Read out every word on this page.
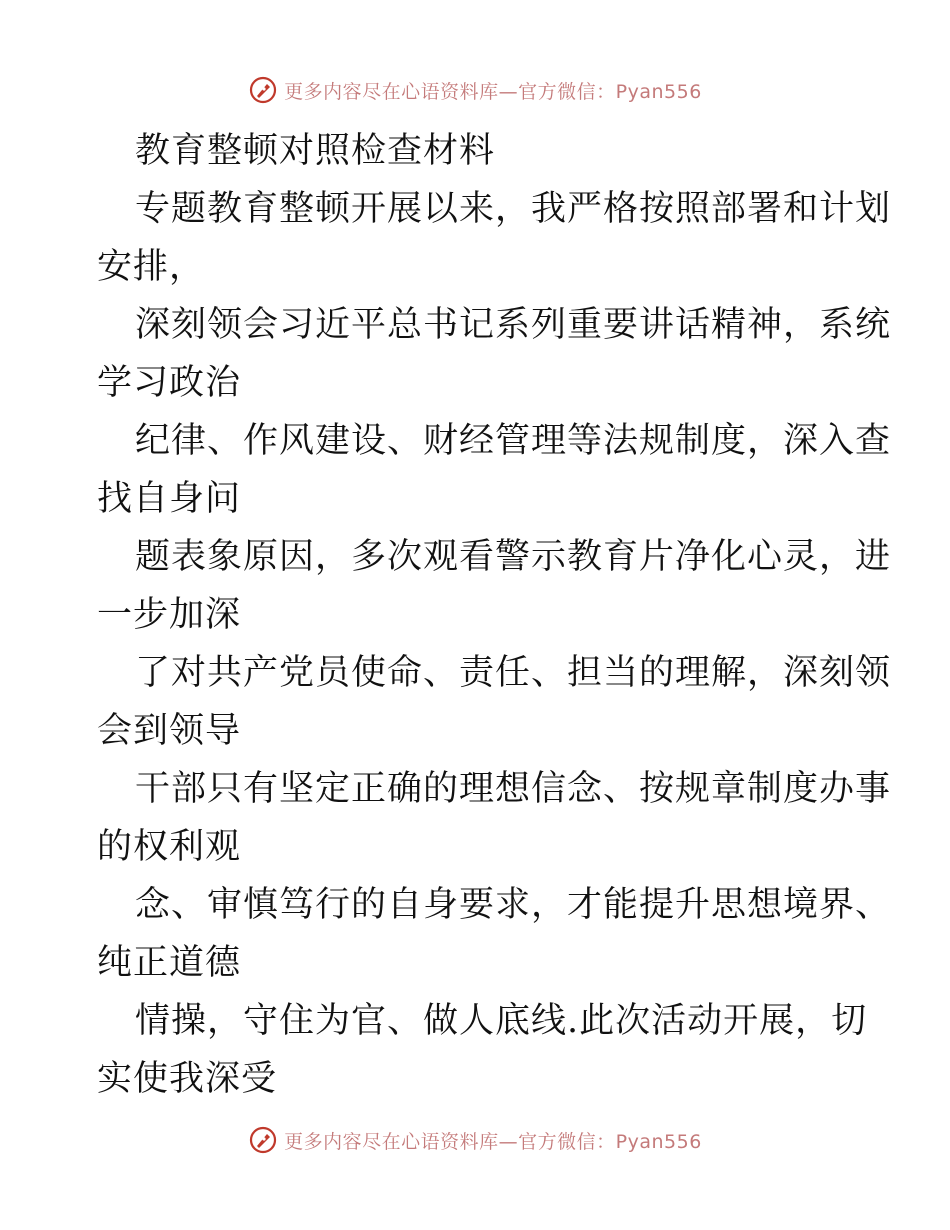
更多内容尽在心语资料库—官方微信：Pyan556
教育整顿对照检查材料
专题教育整顿开展以来，我严格按照部署和计划
安排，
深刻领会习近平总书记系列重要讲话精神，系统
学习政治
纪律、作风建设、财经管理等法规制度，深入查
找自身问
题表象原因，多次观看警示教育片净化心灵，进
一步加深
了对共产党员使命、责任、担当的理解，深刻领
会到领导
干部只有坚定正确的理想信念、按规章制度办事
的权利观
念、审慎笃行的自身要求，才能提升思想境界、
纯正道德
情操，守住为官、做人底线.此次活动开展，切
实使我深受
更多内容尽在心语资料库—官方微信：Pyan556
